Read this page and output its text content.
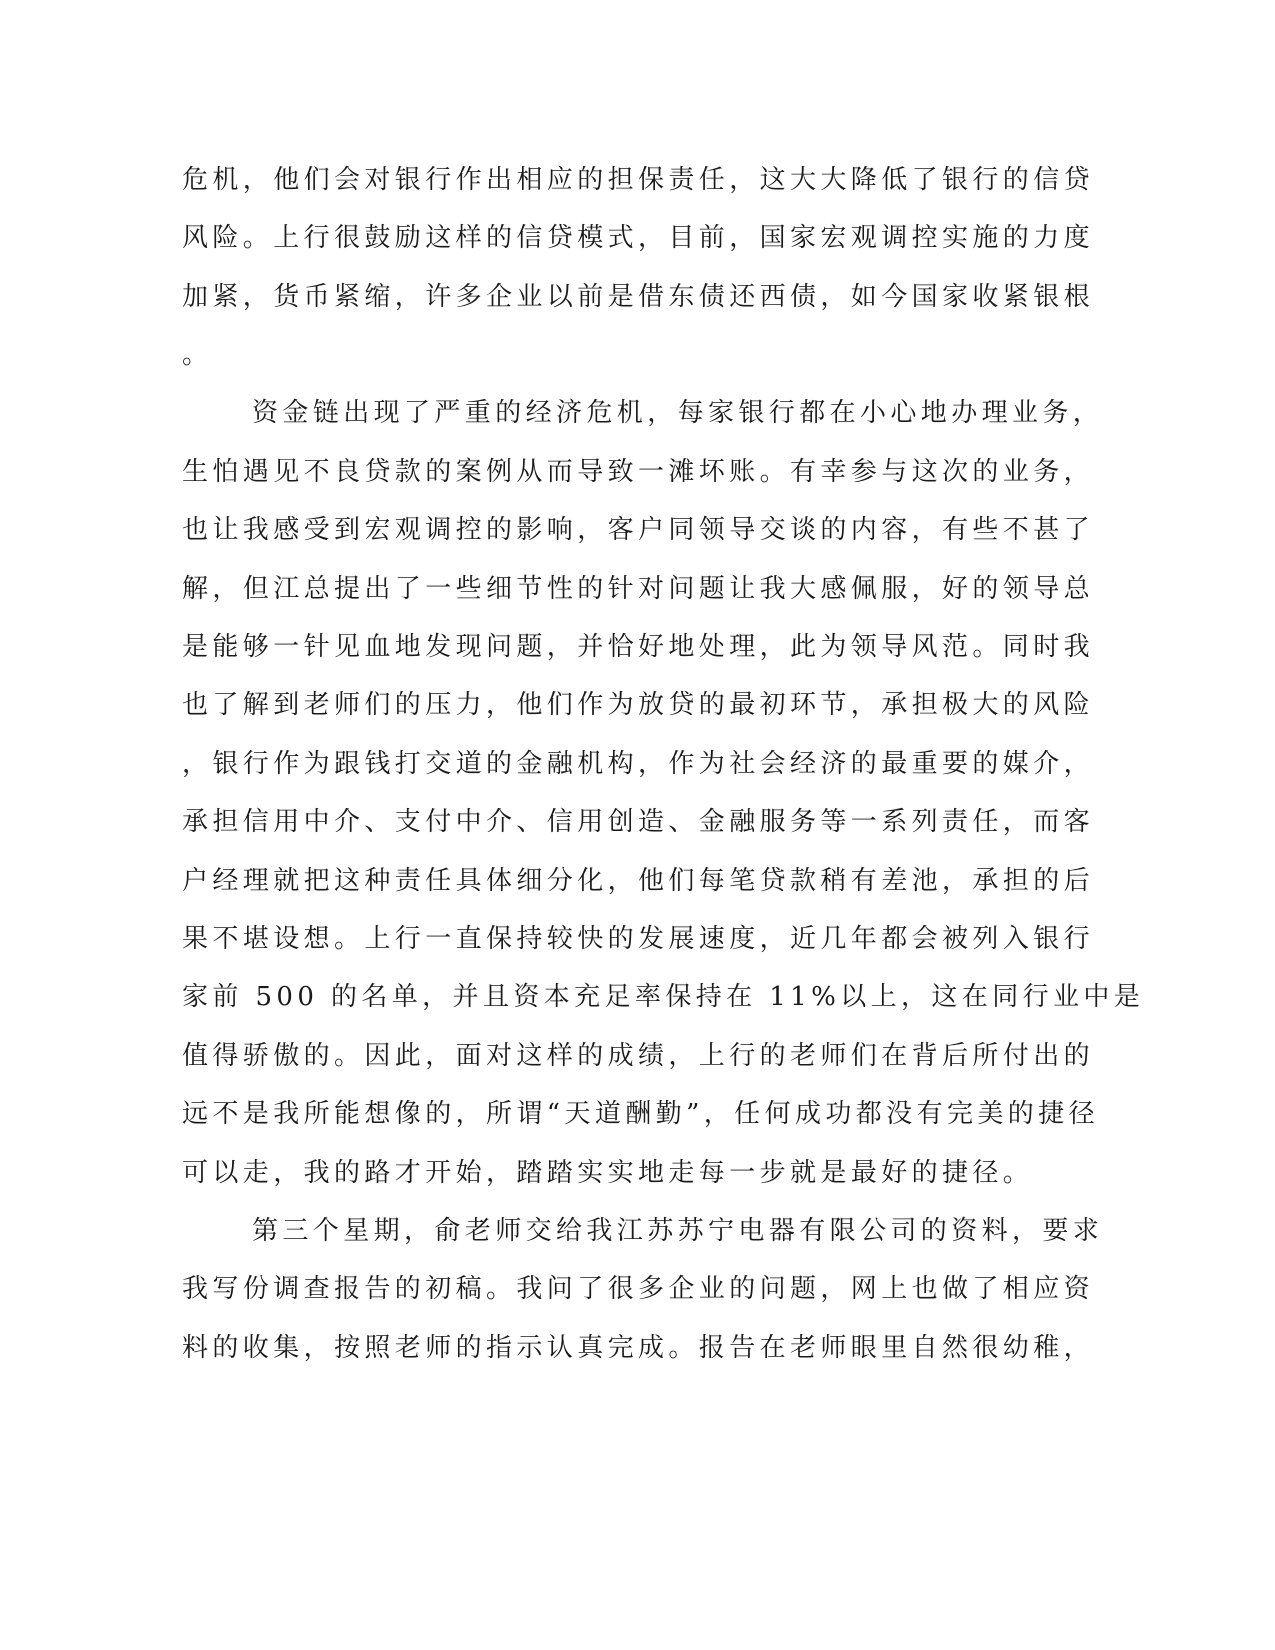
危机，他们会对银行作出相应的担保责任，这大大降低了银行的信贷
风险。上行很鼓励这样的信贷模式，目前，国家宏观调控实施的力度
加紧，货币紧缩，许多企业以前是借东债还西债，如今国家收紧银根
。
资金链出现了严重的经济危机，每家银行都在小心地办理业务，
生怕遇见不良贷款的案例从而导致一滩坏账。有幸参与这次的业务，
也让我感受到宏观调控的影响，客户同领导交谈的内容，有些不甚了
解，但江总提出了一些细节性的针对问题让我大感佩服，好的领导总
是能够一针见血地发现问题，并恰好地处理，此为领导风范。同时我
也了解到老师们的压力，他们作为放贷的最初环节，承担极大的风险
，银行作为跟钱打交道的金融机构，作为社会经济的最重要的媒介，
承担信用中介、支付中介、信用创造、金融服务等一系列责任，而客
户经理就把这种责任具体细分化，他们每笔贷款稍有差池，承担的后
果不堪设想。上行一直保持较快的发展速度，近几年都会被列入银行
家前 500 的名单，并且资本充足率保持在 11%以上，这在同行业中是
值得骄傲的。因此，面对这样的成绩，上行的老师们在背后所付出的
远不是我所能想像的，所谓“天道酬勤”，任何成功都没有完美的捷径
可以走，我的路才开始，踏踏实实地走每一步就是最好的捷径。
第三个星期，俞老师交给我江苏苏宁电器有限公司的资料，要求
我写份调查报告的初稿。我问了很多企业的问题，网上也做了相应资
料的收集，按照老师的指示认真完成。报告在老师眼里自然很幼稚，
